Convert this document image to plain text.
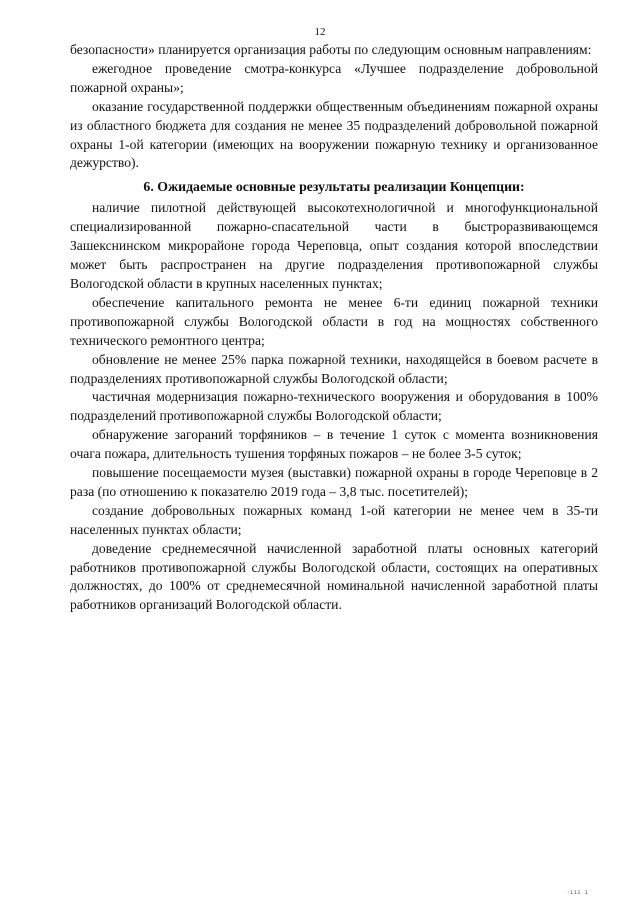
12

безопасности» планируется организация работы по следующим основным направлениям:

ежегодное проведение смотра-конкурса «Лучшее подразделение добровольной пожарной охраны»;

оказание государственной поддержки общественным объединениям пожарной охраны из областного бюджета для создания не менее 35 подразделений добровольной пожарной охраны 1-ой категории (имеющих на вооружении пожарную технику и организованное дежурство).

6. Ожидаемые основные результаты реализации Концепции:

наличие пилотной действующей высокотехнологичной и многофункциональной специализированной пожарно-спасательной части в быстроразвивающемся Зашекснинском микрорайоне города Череповца, опыт создания которой впоследствии может быть распространен на другие подразделения противопожарной службы Вологодской области в крупных населенных пунктах;

обеспечение капитального ремонта не менее 6-ти единиц пожарной техники противопожарной службы Вологодской области в год на мощностях собственного технического ремонтного центра;

обновление не менее 25% парка пожарной техники, находящейся в боевом расчете в подразделениях противопожарной службы Вологодской области;

частичная модернизация пожарно-технического вооружения и оборудования в 100% подразделений противопожарной службы Вологодской области;

обнаружение загораний торфяников – в течение 1 суток с момента возникновения очага пожара, длительность тушения торфяных пожаров – не более 3-5 суток;

повышение посещаемости музея (выставки) пожарной охраны в городе Череповце в 2 раза (по отношению к показателю 2019 года – 3,8 тыс. посетителей);

создание добровольных пожарных команд 1-ой категории не менее чем в 35-ти населенных пунктах области;

доведение среднемесячной начисленной заработной платы основных категорий работников противопожарной службы Вологодской области, состоящих на оперативных должностях, до 100% от среднемесячной номинальной начисленной заработной платы работников организаций Вологодской области.

·ııı ı
